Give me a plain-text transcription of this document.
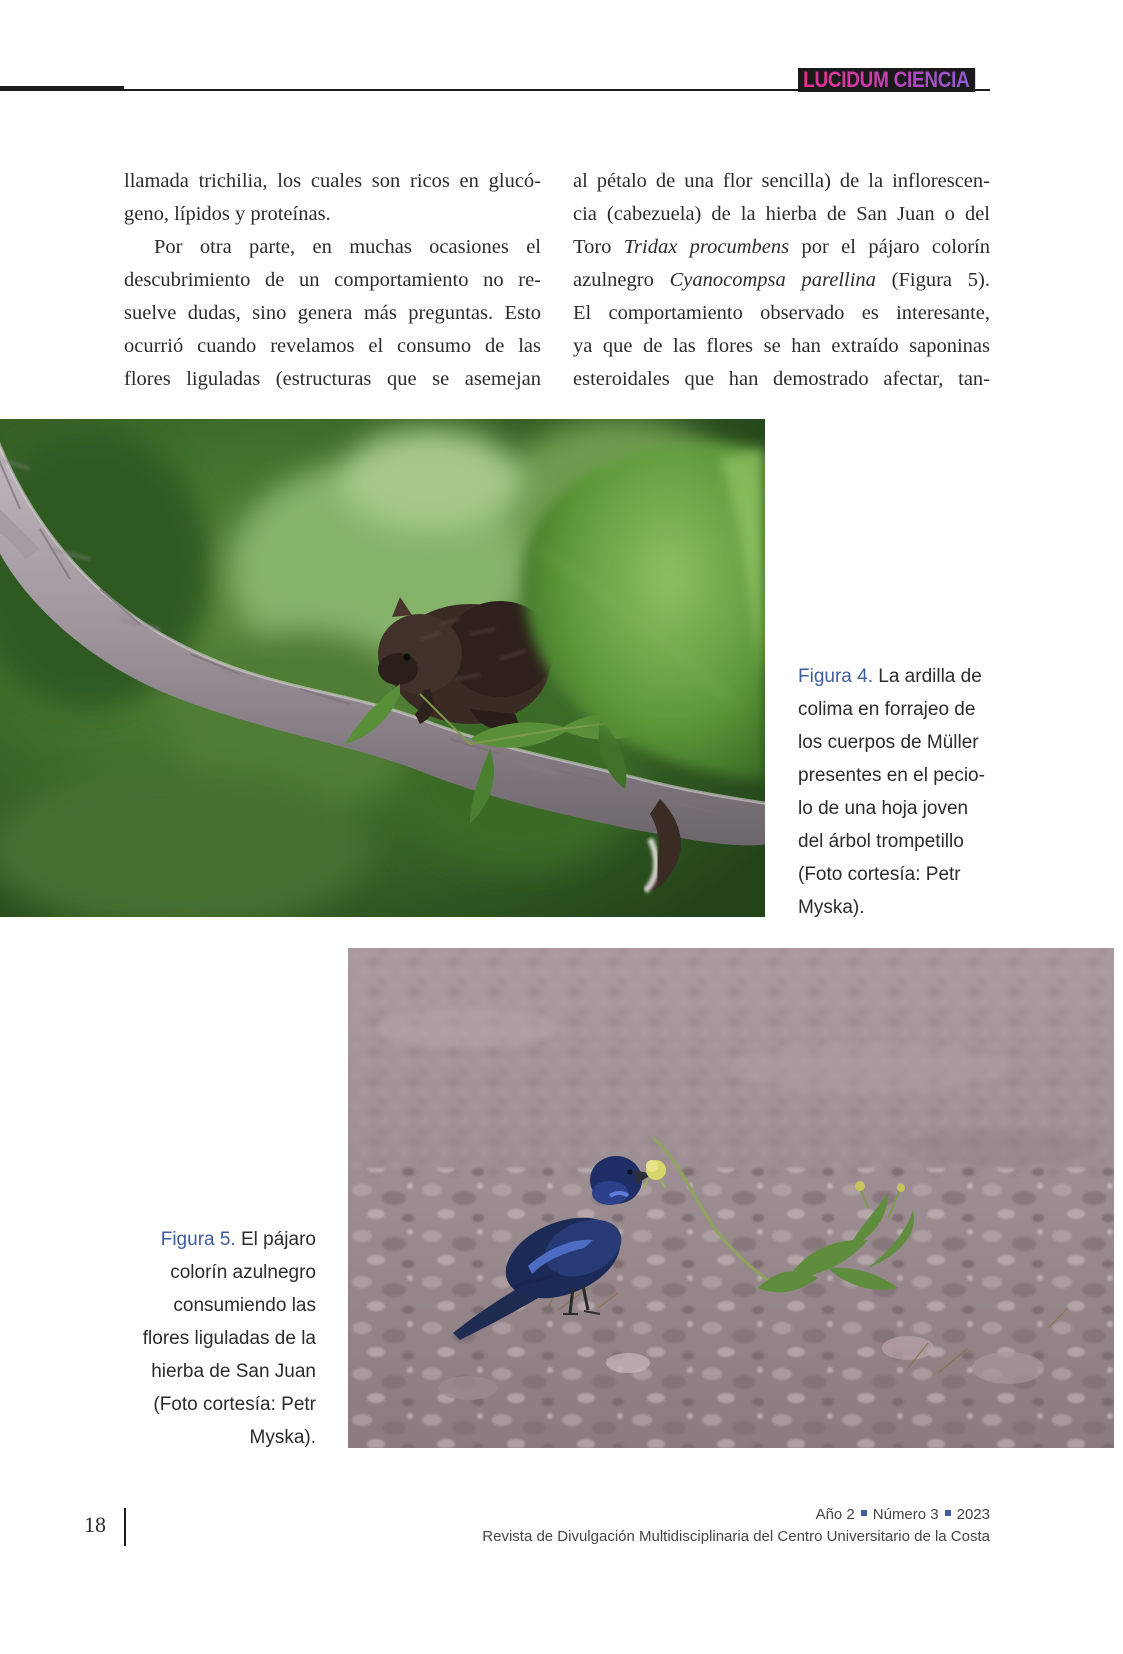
LUCIDUM CIENCIA
llamada trichilia, los cuales son ricos en glucó-
geno, lípidos y proteínas.
Por otra parte, en muchas ocasiones el
descubrimiento de un comportamiento no re-
suelve dudas, sino genera más preguntas. Esto
ocurrió cuando revelamos el consumo de las
flores liguladas (estructuras que se asemejan
al pétalo de una flor sencilla) de la inflorescen-
cia (cabezuela) de la hierba de San Juan o del
Toro Tridax procumbens por el pájaro colorín
azulnegro Cyanocompsa parellina (Figura 5).
El comportamiento observado es interesante,
ya que de las flores se han extraído saponinas
esteroidales que han demostrado afectar, tan-
Figura 4. La ardilla de
colima en forrajeo de
los cuerpos de Müller
presentes en el pecio-
lo de una hoja joven
del árbol trompetillo
(Foto cortesía: Petr
Myska).
Figura 5. El pájaro
colorín azulnegro
consumiendo las
flores liguladas de la
hierba de San Juan
(Foto cortesía: Petr
Myska).
18	Año 2 Número 3 2023
Revista de Divulgación Multidisciplinaria del Centro Universitario de la Costa
